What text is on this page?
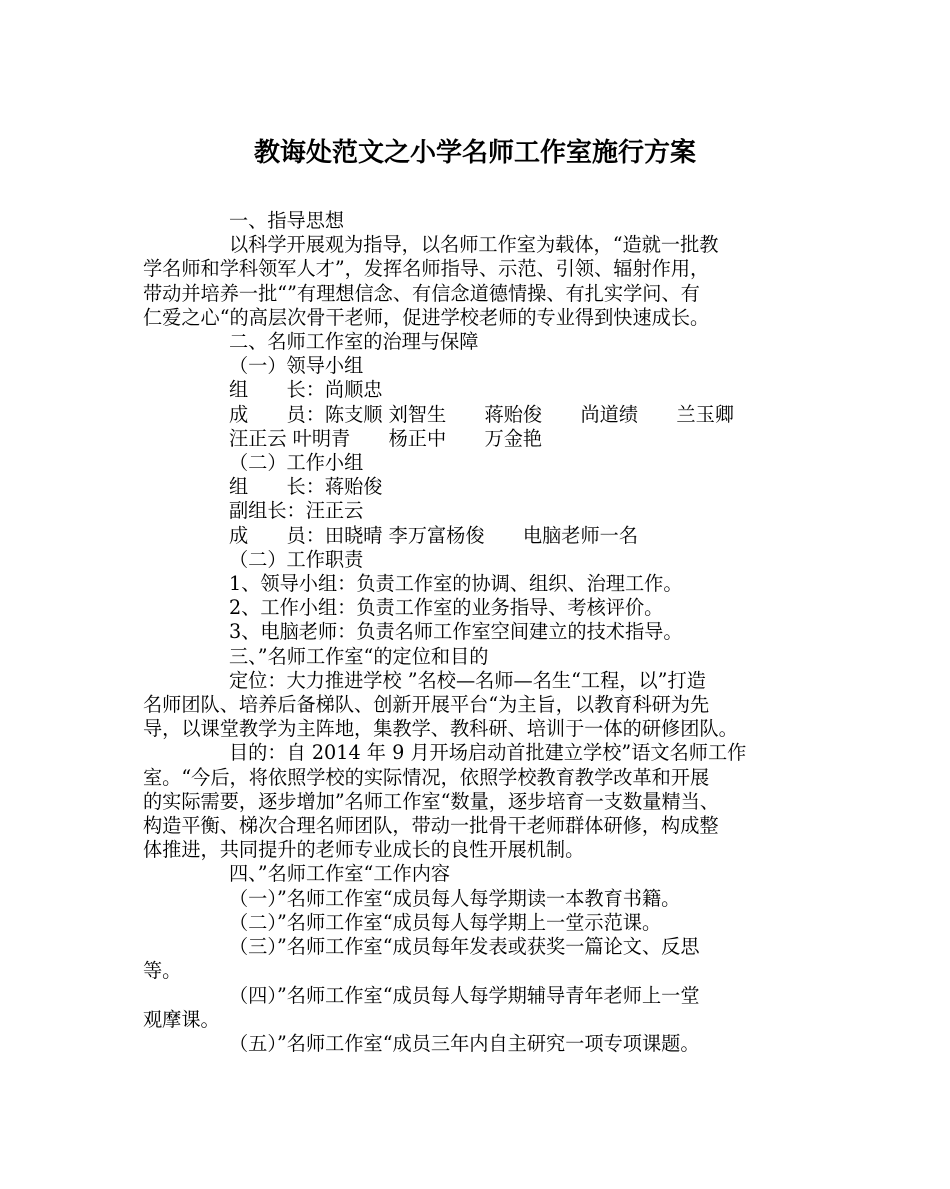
教诲处范文之小学名师工作室施行方案

一、指导思想

以科学开展观为指导，以名师工作室为载体，“造就一批教

学名师和学科领军人才”，发挥名师指导、示范、引领、辐射作用，

带动并培养一批“”有理想信念、有信念道德情操、有扎实学问、有

仁爱之心“的高层次骨干老师，促进学校老师的专业得到快速成长。

二、名师工作室的治理与保障

（一）领导小组

组　　长：尚顺忠

成　　员：陈支顺 刘智生　　蒋贻俊　　尚道绩　　兰玉卿

汪正云 叶明青　　杨正中　　万金艳

（二）工作小组

组　　长：蒋贻俊

副组长：汪正云

成　　员：田晓晴 李万富杨俊　　电脑老师一名

（二）工作职责

1、领导小组：负责工作室的协调、组织、治理工作。

2、工作小组：负责工作室的业务指导、考核评价。

3、电脑老师：负责名师工作室空间建立的技术指导。

三、”名师工作室“的定位和目的

定位：大力推进学校 ”名校—名师—名生“工程，以”打造

名师团队、培养后备梯队、创新开展平台“为主旨，以教育科研为先

导，以课堂教学为主阵地，集教学、教科研、培训于一体的研修团队。

目的：自 2014 年 9 月开场启动首批建立学校”语文名师工作

室。“今后，将依照学校的实际情况，依照学校教育教学改革和开展

的实际需要，逐步增加”名师工作室“数量，逐步培育一支数量精当、

构造平衡、梯次合理名师团队，带动一批骨干老师群体研修，构成整

体推进，共同提升的老师专业成长的良性开展机制。

四、”名师工作室“工作内容

（一）”名师工作室“成员每人每学期读一本教育书籍。

（二）”名师工作室“成员每人每学期上一堂示范课。

（三）”名师工作室“成员每年发表或获奖一篇论文、反思

等。

（四）”名师工作室“成员每人每学期辅导青年老师上一堂

观摩课。

（五）”名师工作室“成员三年内自主研究一项专项课题。
